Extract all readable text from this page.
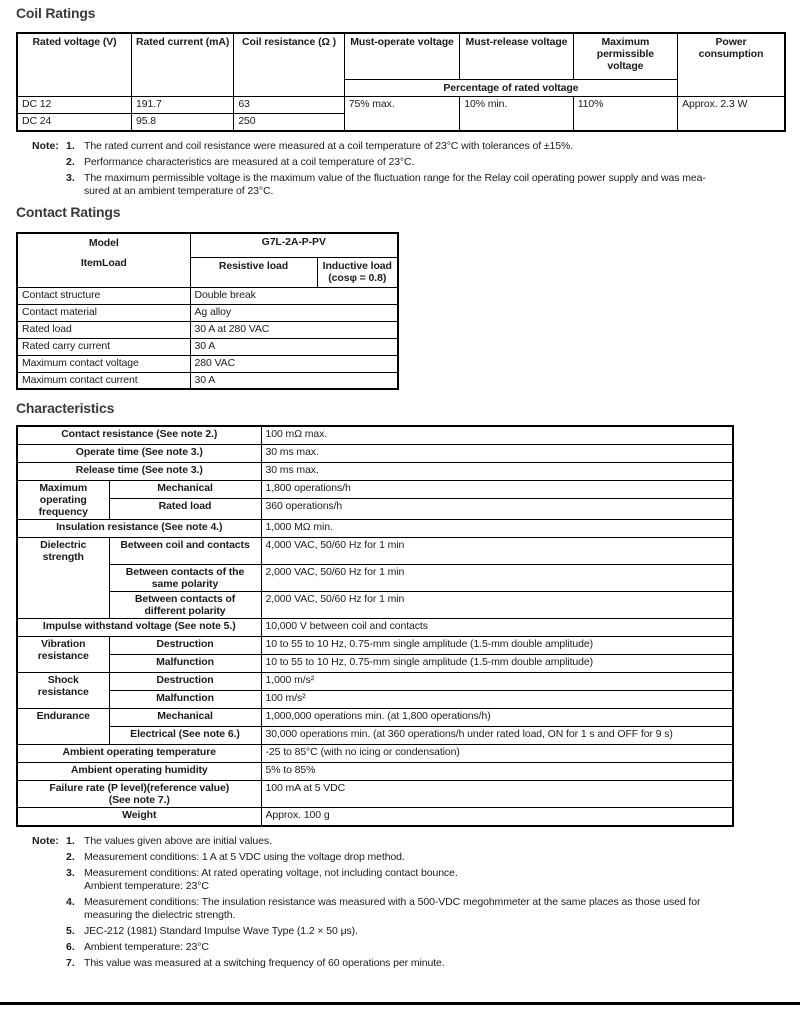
Coil Ratings
Rated voltage (V)	Rated current (mA)	Coil resistance (Ω )	Must-operate voltage	Must-release voltage	Maximum permissible voltage	Power consumption
			Percentage of rated voltage			
DC 12	191.7	63	75% max.	10% min.	110%	Approx. 2.3 W
DC 24	95.8	250				
Note: 1. The rated current and coil resistance were measured at a coil temperature of 23°C with tolerances of ±15%.
2. Performance characteristics are measured at a coil temperature of 23°C.
3. The maximum permissible voltage is the maximum value of the fluctuation range for the Relay coil operating power supply and was mea-
sured at an ambient temperature of 23°C.
Contact Ratings
Model
ItemLoad	G7L-2A-P-PV	
	Resistive load	Inductive load
(cosφ = 0.8)

Contact structure	Double break	
Contact material	Ag alloy	
Rated load	30 A at 280 VAC	
Rated carry current	30 A	
Maximum contact voltage	280 VAC	
Maximum contact current	30 A	
Characteristics
Contact resistance (See note 2.)		100 mΩ max.
Operate time (See note 3.)		30 ms max.
Release time (See note 3.)		30 ms max.
Maximum operating frequency	Mechanical	1,800 operations/h
	Rated load	360 operations/h
Insulation resistance (See note 4.)		1,000 MΩ min.
Dielectric strength	Between coil and contacts	4,000 VAC, 50/60 Hz for 1 min
	Between contacts of the same polarity	2,000 VAC, 50/60 Hz for 1 min
	Between contacts of different polarity	2,000 VAC, 50/60 Hz for 1 min
Impulse withstand voltage (See note 5.)		10,000 V between coil and contacts
Vibration resistance	Destruction	10 to 55 to 10 Hz, 0.75-mm single amplitude (1.5-mm double amplitude)
	Malfunction	10 to 55 to 10 Hz, 0.75-mm single amplitude (1.5-mm double amplitude)
Shock resistance	Destruction	1,000 m/s²
	Malfunction	100 m/s²
Endurance	Mechanical	1,000,000 operations min. (at 1,800 operations/h)
	Electrical (See note 6.)	30,000 operations min. (at 360 operations/h under rated load, ON for 1 s and OFF for 9 s)
Ambient operating temperature		-25 to 85°C (with no icing or condensation)
Ambient operating humidity		5% to 85%

Failure rate (P level)(reference value)
(See note 7.)		100 mA at 5 VDC
Weight		Approx. 100 g
Note: 1. The values given above are initial values.
2. Measurement conditions: 1 A at 5 VDC using the voltage drop method.
3. Measurement conditions: At rated operating voltage, not including contact bounce.
Ambient temperature: 23°C
4. Measurement conditions: The insulation resistance was measured with a 500-VDC megohmmeter at the same places as those used for
measuring the dielectric strength.
5. JEC-212 (1981) Standard Impulse Wave Type (1.2 × 50 μs).
6. Ambient temperature: 23°C
7. This value was measured at a switching frequency of 60 operations per minute.
